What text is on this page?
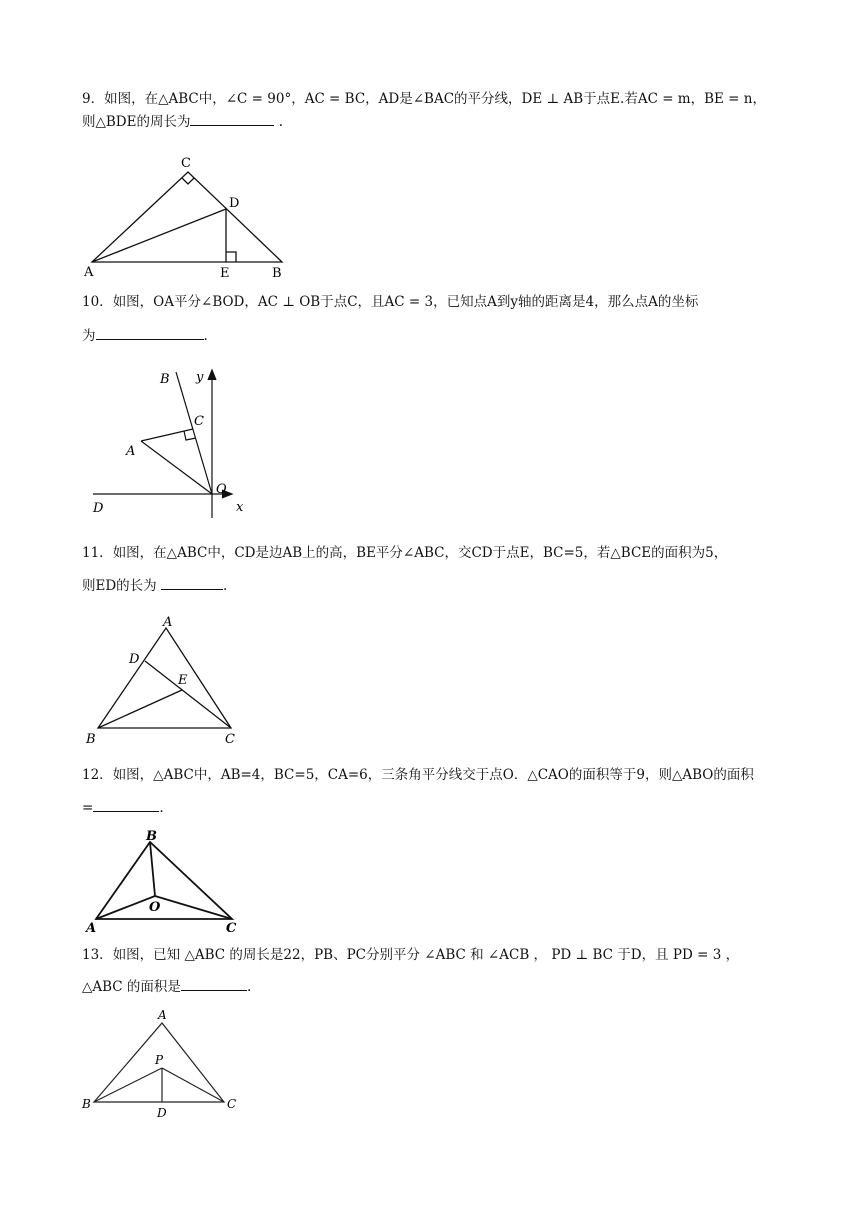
9．如图，在△ABC中，∠C = 90°，AC = BC，AD是∠BAC的平分线，DE ⊥ AB于点E.若AC = m，BE = n，
则△BDE的周长为	.
A
C
D
E	B
10．如图，OA平分∠BOD，AC ⊥ OB于点C，且AC = 3，已知点A到y轴的距离是4，那么点A的坐标
为	.
B y
C
A
O
x
D
11．如图，在△ABC中，CD是边AB上的高，BE平分∠ABC，交CD于点E，BC=5，若△BCE的面积为5，
则ED的长为	.
A
D
E
B	C
12．如图，△ABC中，AB=4，BC=5，CA=6，三条角平分线交于点O．△CAO的面积等于9，则△ABO的面积
=	.
B
O
A	C
13．如图，已知 △ABC 的周长是22，PB、PC分别平分 ∠ABC 和 ∠ACB ， PD ⊥ BC 于D，且 PD = 3 ，
△ABC 的面积是	.
A
P
B	C
D
